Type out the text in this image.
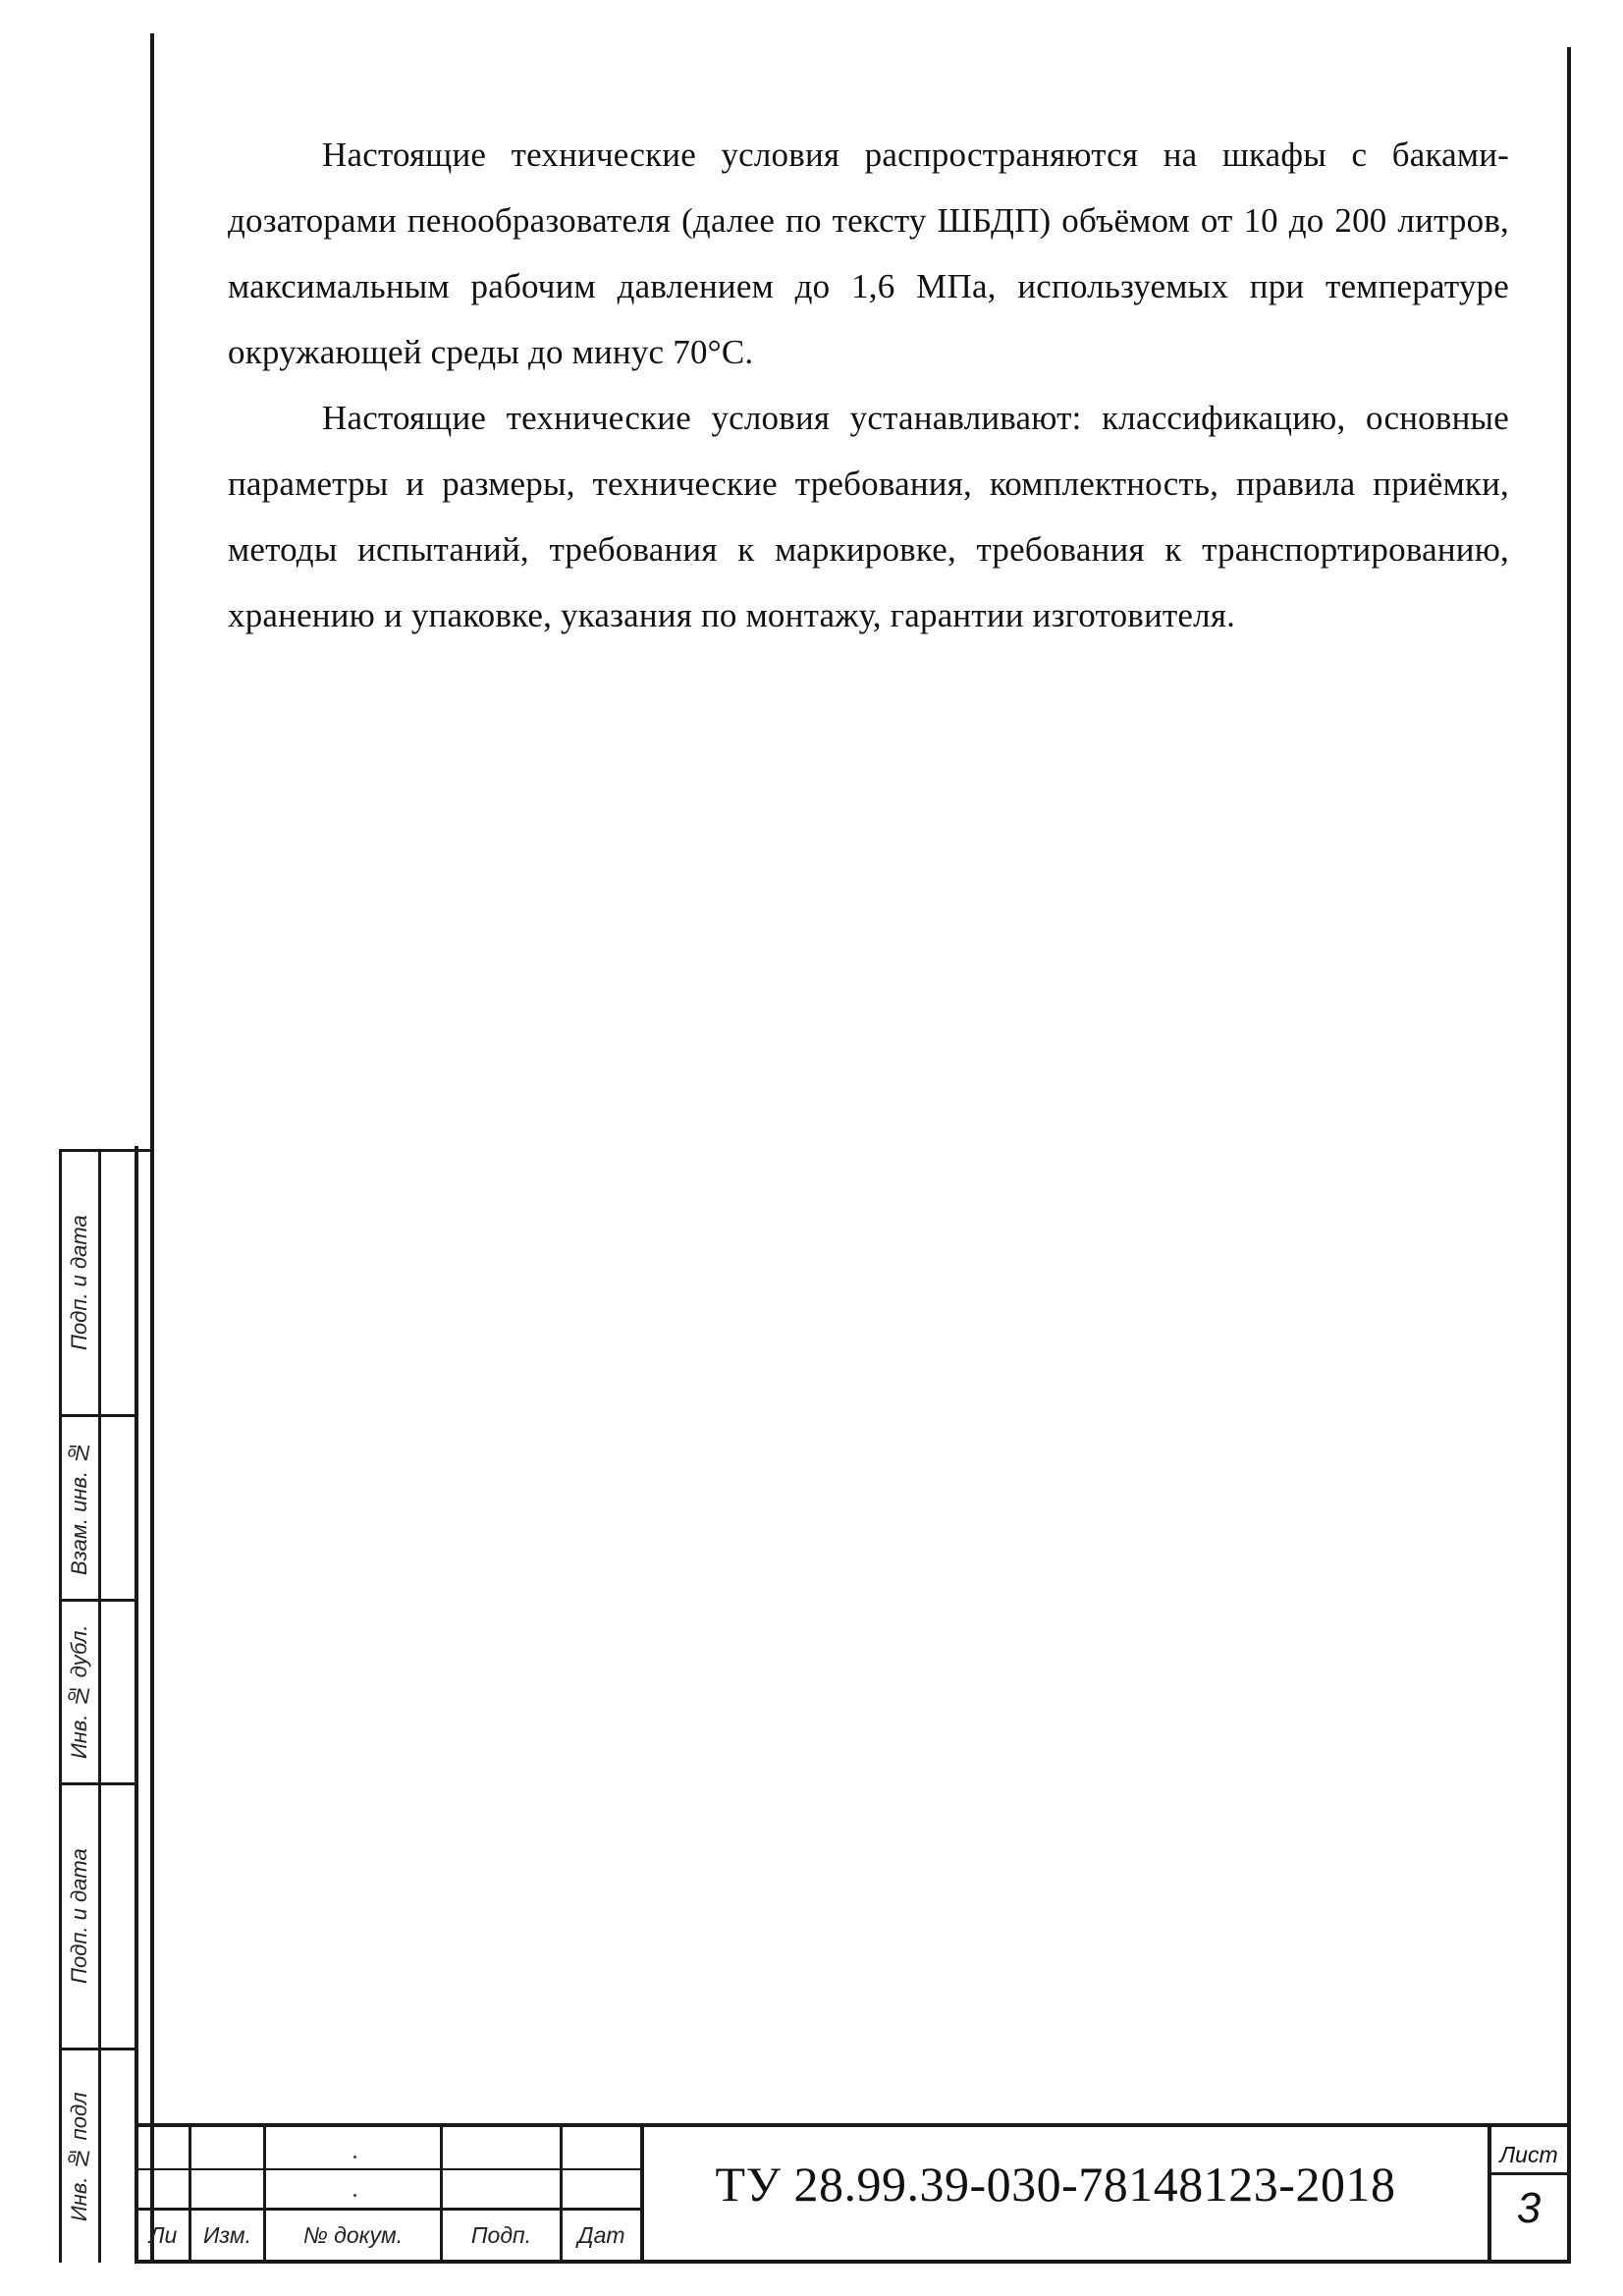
Настоящие технические условия распространяются на шкафы с баками-дозаторами пенообразователя (далее по тексту ШБДП) объёмом от 10 до 200 литров, максимальным рабочим давлением до 1,6 МПа, используемых при температуре окружающей среды до минус 70°С.

Настоящие технические условия устанавливают: классификацию, основные параметры и размеры, технические требования, комплектность, правила приёмки, методы испытаний, требования к маркировке, требования к транспортированию, хранению и упаковке, указания по монтажу, гарантии изготовителя.

Подп. и дата
Взам. инв. №
Инв. № дубл.
Подп. и дата
Инв. № подл
Ли	Изм.	№ докум.	Подп.	Дат
ТУ 28.99.39-030-78148123-2018
Лист
3
